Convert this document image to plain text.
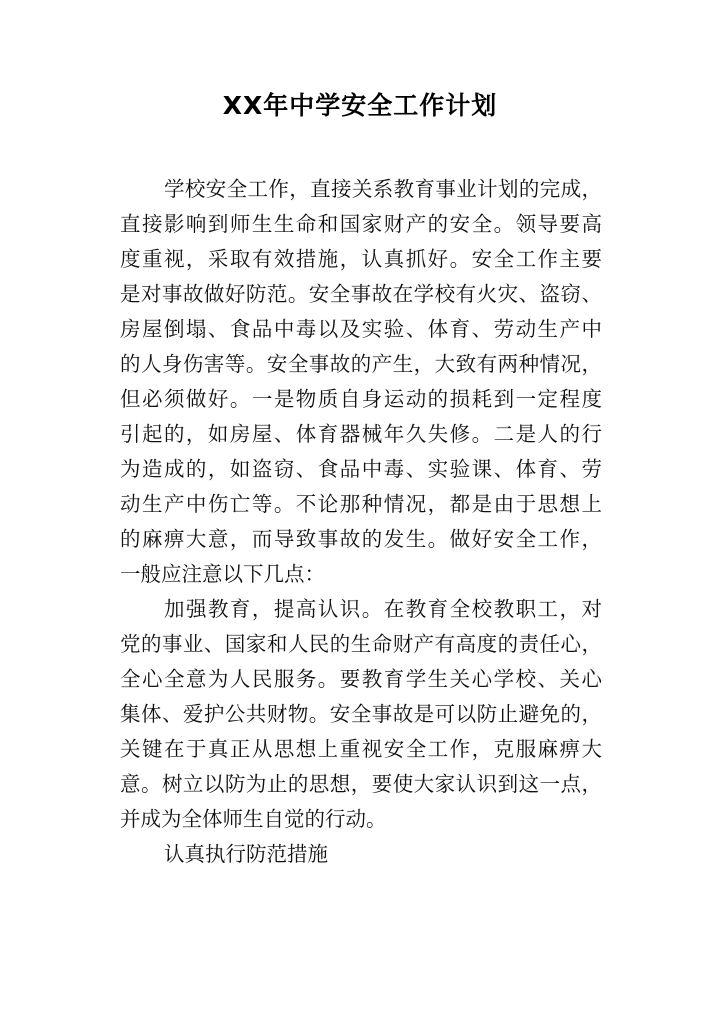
XX年中学安全工作计划
学校安全工作，直接关系教育事业计划的完成，
直接影响到师生生命和国家财产的安全。领导要高
度重视，采取有效措施，认真抓好。安全工作主要
是对事故做好防范。安全事故在学校有火灾、盗窃、
房屋倒塌、食品中毒以及实验、体育、劳动生产中
的人身伤害等。安全事故的产生，大致有两种情况，
但必须做好。一是物质自身运动的损耗到一定程度
引起的，如房屋、体育器械年久失修。二是人的行
为造成的，如盗窃、食品中毒、实验课、体育、劳
动生产中伤亡等。不论那种情况，都是由于思想上
的麻痹大意，而导致事故的发生。做好安全工作，
一般应注意以下几点：
加强教育，提高认识。在教育全校教职工，对
党的事业、国家和人民的生命财产有高度的责任心，
全心全意为人民服务。要教育学生关心学校、关心
集体、爱护公共财物。安全事故是可以防止避免的，
关键在于真正从思想上重视安全工作，克服麻痹大
意。树立以防为止的思想，要使大家认识到这一点，
并成为全体师生自觉的行动。
认真执行防范措施
